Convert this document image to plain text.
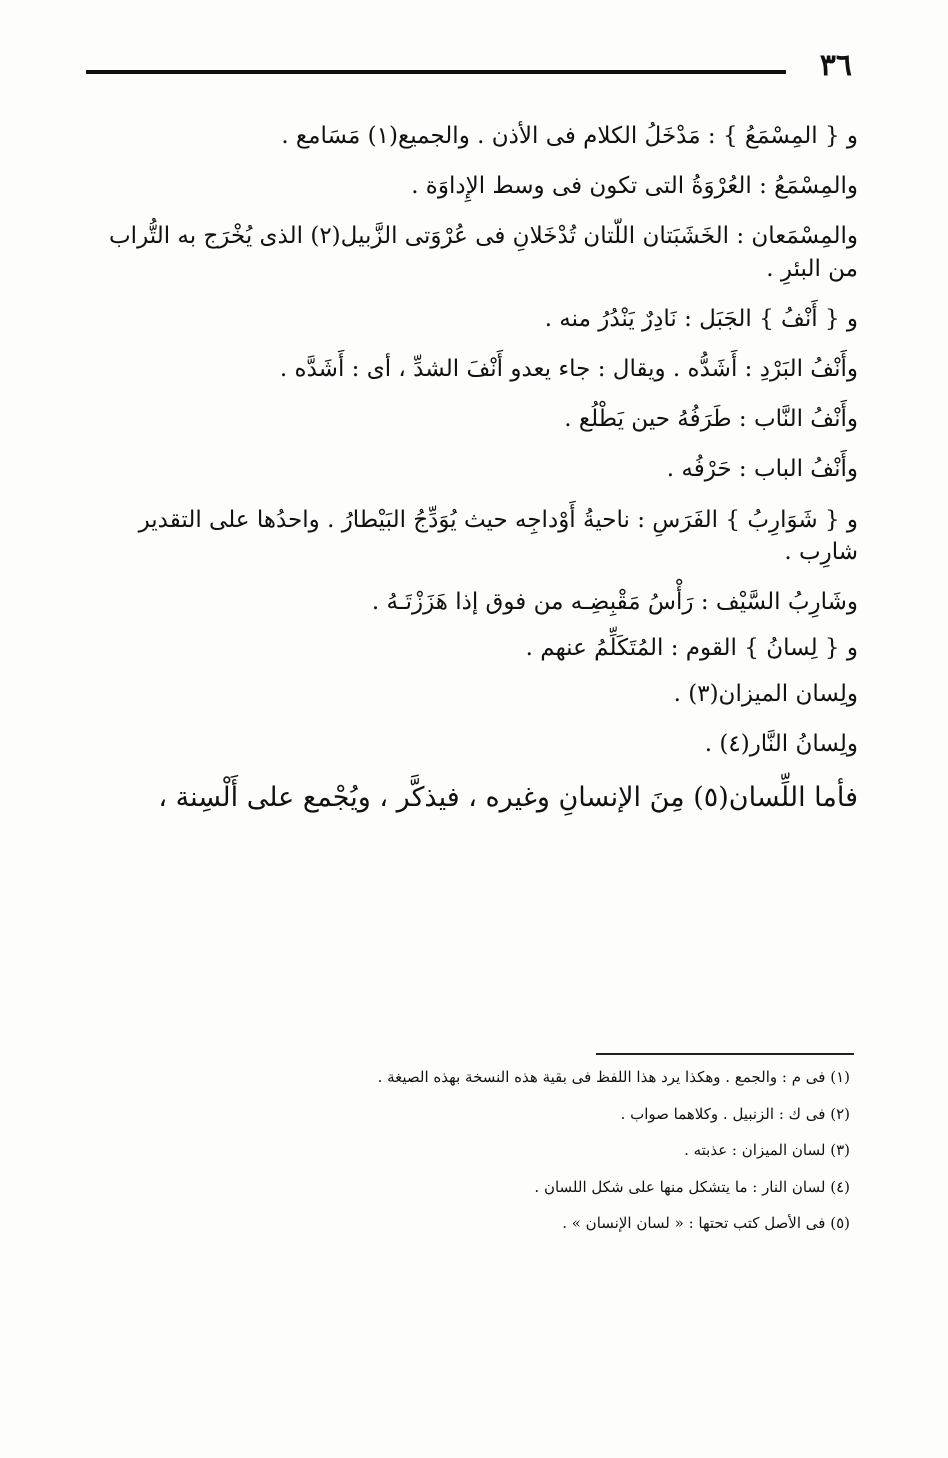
٣٦

و { المِسْمَعُ } : مَدْخَلُ الكلام فى الأذن . والجميع(١) مَسَامع .

والمِسْمَعُ : العُرْوَةُ التى تكون فى وسط الإِداوَة .

والمِسْمَعان : الخَشَبَتان اللّتان تُدْخَلانِ فى عُرْوَتى الزَّبيل(٢) الذى يُخْرَج به التُّراب من البئرِ .

و { أَنْفُ } الجَبَل : نَادِرٌ يَنْدُرُ منه .

وأَنْفُ البَرْدِ : أَشَدُّه . ويقال : جاء يعدو أَنْفَ الشدِّ ، أى : أَشَدَّه .

وأَنْفُ النَّاب : طَرَفُهُ حين يَطْلُع .

وأَنْفُ الباب : حَرْفُه .

و { شَوَارِبُ } الفَرَسِ : ناحيةُ أَوْداجِه حيث يُوَدِّجُ البَيْطارُ . واحدُها على التقدير شارِب .

وشَارِبُ السَّيْف : رَأْسُ مَقْبِضِـه من فوق إذا هَزَزْتَـهُ .

و { لِسانُ } القوم : المُتَكَلِّمُ عنهم .

ولِسان الميزان(٣) .

ولِسانُ النَّار(٤) .

فأما اللِّسان(٥) مِنَ الإنسانِ وغيره ، فيذكَّر ، ويُجْمع على أَلْسِنة ،

(١) فى م : والجمع . وهكذا يرد هذا اللفظ فى بقية هذه النسخة بهذه الصيغة .

(٢) فى ك : الزنبيل . وكلاهما صواب .

(٣) لسان الميزان : عذبته .

(٤) لسان النار : ما يتشكل منها على شكل اللسان .

(٥) فى الأصل كتب تحتها : « لسان الإنسان » .
